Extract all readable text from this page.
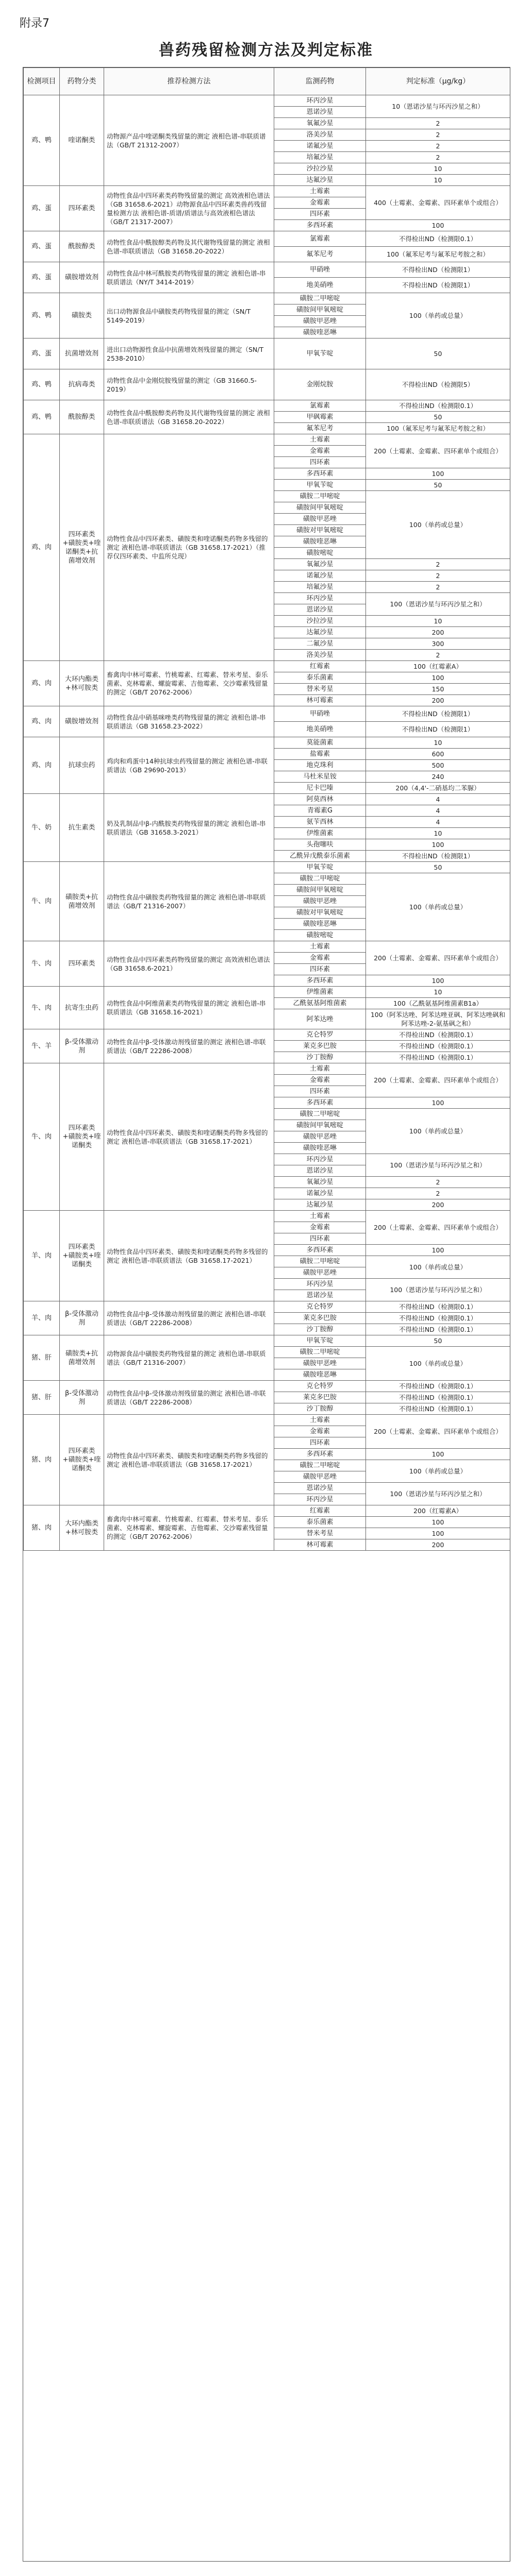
附录7
兽药残留检测方法及判定标准
检测项目	药物分类	推荐检测方法	监测药物	判定标准（μg/kg）
鸡、鸭	喹诺酮类	动物源产品中喹诺酮类残留量的测定 液相色谱-串联质谱法（GB/T 21312-2007）	环丙沙星	10（恩诺沙星与环丙沙星之和）
			恩诺沙星	
			氧氟沙星	2
			洛美沙星	2
			诺氟沙星	2
			培氟沙星	2
			沙拉沙星	10
			达氟沙星	10
鸡、蛋	四环素类	动物性食品中四环素类药物残留量的测定 高效液相色谱法（GB 31658.6-2021）动物源食品中四环素类兽药残留量检测方法 液相色谱-质谱/质谱法与高效液相色谱法（GB/T 21317-2007）	土霉素	400（土霉素、金霉素、四环素单个或组合）
			金霉素	
			四环素	
			多西环素	100
鸡、蛋	酰胺醇类	动物性食品中酰胺醇类药物及其代谢物残留量的测定 液相色谱-串联质谱法（GB 31658.20-2022）	氯霉素	不得检出ND（检测限0.1）
			氟苯尼考	100（氟苯尼考与氟苯尼考胺之和）
鸡、蛋	磺胺增效剂	动物性食品中林可酰胺类药物残留量的测定 液相色谱-串联质谱法（NY/T 3414-2019）	甲硝唑	不得检出ND（检测限1）
			地美硝唑	不得检出ND（检测限1）
鸡、鸭	磺胺类	出口动物源食品中磺胺类药物残留量的测定（SN/T 5149-2019）	磺胺二甲嘧啶	100（单药或总量）
			磺胺间甲氧嘧啶	
			磺胺甲恶唑	
			磺胺喹恶啉	
鸡、蛋	抗菌增效剂	进出口动物源性食品中抗菌增效剂残留量的测定（SN/T 2538-2010）	甲氧苄啶	50
鸡、鸭	抗病毒类	动物性食品中金刚烷胺残留量的测定（GB 31660.5-2019）	金刚烷胺	不得检出ND（检测限5）
鸡、鸭	酰胺醇类	动物性食品中酰胺醇类药物及其代谢物残留量的测定 液相色谱-串联质谱法（GB 31658.20-2022）	氯霉素	不得检出ND（检测限0.1）
			甲砜霉素	50
			氟苯尼考	100（氟苯尼考与氟苯尼考胺之和）
鸡、肉	四环素类+磺胺类+喹诺酮类+抗菌增效剂	动物性食品中四环素类、磺胺类和喹诺酮类药物多残留的测定 液相色谱-串联质谱法（GB 31658.17-2021）（推荐仅四环素类、中监所兑现）	土霉素	200（土霉素、金霉素、四环素单个或组合）
			金霉素	
			四环素	
			多西环素	100
			甲氧苄啶	50
			磺胺二甲嘧啶	100（单药或总量）
			磺胺间甲氧嘧啶	
			磺胺甲恶唑	
			磺胺对甲氧嘧啶	
			磺胺喹恶啉	
			磺胺嘧啶	
			氧氟沙星	2
			诺氟沙星	2
			培氟沙星	2
			环丙沙星	100（恩诺沙星与环丙沙星之和）
			恩诺沙星	
			沙拉沙星	10
			达氟沙星	200
			二氟沙星	300
			洛美沙星	2
鸡、肉	大环内酯类+林可胺类	畜禽肉中林可霉素、竹桃霉素、红霉素、替米考星、泰乐菌素、克林霉素、螺旋霉素、吉他霉素、交沙霉素残留量的测定（GB/T 20762-2006）	红霉素	100（红霉素A）
			泰乐菌素	100
			替米考星	150
			林可霉素	200
鸡、肉	磺胺增效剂	动物性食品中硝基咪唑类药物残留量的测定 液相色谱-串联质谱法（GB 31658.23-2022）	甲硝唑	不得检出ND（检测限1）
			地美硝唑	不得检出ND（检测限1）
鸡、肉	抗球虫药	鸡肉和鸡蛋中14种抗球虫药残留量的测定 液相色谱-串联质谱法（GB 29690-2013）	莫能菌素	10
			盐霉素	600
			地克珠利	500
			马杜米星铵	240
			尼卡巴嗪	200（4,4'-二硝基均二苯脲）
牛、奶	抗生素类	奶及乳制品中β-内酰胺类药物残留量的测定 液相色谱-串联质谱法（GB 31658.3-2021）	阿莫西林	4
			青霉素G	4
			氨苄西林	4
			伊维菌素	10
			头孢噻呋	100
			乙酰异戊酰泰乐菌素	不得检出ND（检测限1）
牛、肉	磺胺类+抗菌增效剂	动物性食品中磺胺类药物残留量的测定 液相色谱-串联质谱法（GB/T 21316-2007）	甲氧苄啶	50
			磺胺二甲嘧啶	100（单药或总量）
			磺胺间甲氧嘧啶	
			磺胺甲恶唑	
			磺胺对甲氧嘧啶	
			磺胺喹恶啉	
			磺胺嘧啶	
牛、肉	四环素类	动物性食品中四环素类药物残留量的测定 高效液相色谱法（GB 31658.6-2021）	土霉素	200（土霉素、金霉素、四环素单个或组合）
			金霉素	
			四环素	
			多西环素	100
牛、肉	抗寄生虫药	动物性食品中阿维菌素类药物残留量的测定 液相色谱-串联质谱法（GB 31658.16-2021）	伊维菌素	10
			乙酰氨基阿维菌素	100（乙酰氨基阿维菌素B1a）
			阿苯达唑	100（阿苯达唑、阿苯达唑亚砜、阿苯达唑砜和阿苯达唑-2-氨基砜之和）
牛、羊	β-受体激动剂	动物性食品中β-受体激动剂残留量的测定 液相色谱-串联质谱法（GB/T 22286-2008）	克仑特罗	不得检出ND（检测限0.1）
			莱克多巴胺	不得检出ND（检测限0.1）
			沙丁胺醇	不得检出ND（检测限0.1）
牛、肉	四环素类+磺胺类+喹诺酮类	动物性食品中四环素类、磺胺类和喹诺酮类药物多残留的测定 液相色谱-串联质谱法（GB 31658.17-2021）	土霉素	200（土霉素、金霉素、四环素单个或组合）
			金霉素	
			四环素	
			多西环素	100
			磺胺二甲嘧啶	100（单药或总量）
			磺胺间甲氧嘧啶	
			磺胺甲恶唑	
			磺胺喹恶啉	
			环丙沙星	100（恩诺沙星与环丙沙星之和）
			恩诺沙星	
			氧氟沙星	2
			诺氟沙星	2
			达氟沙星	200
羊、肉	四环素类+磺胺类+喹诺酮类	动物性食品中四环素类、磺胺类和喹诺酮类药物多残留的测定 液相色谱-串联质谱法（GB 31658.17-2021）	土霉素	200（土霉素、金霉素、四环素单个或组合）
			金霉素	
			四环素	
			多西环素	100
			磺胺二甲嘧啶	100（单药或总量）
			磺胺甲恶唑	
			环丙沙星	100（恩诺沙星与环丙沙星之和）
			恩诺沙星	
羊、肉	β-受体激动剂	动物性食品中β-受体激动剂残留量的测定 液相色谱-串联质谱法（GB/T 22286-2008）	克仑特罗	不得检出ND（检测限0.1）
			莱克多巴胺	不得检出ND（检测限0.1）
			沙丁胺醇	不得检出ND（检测限0.1）
猪、肝	磺胺类+抗菌增效剂	动物源食品中磺胺类药物残留量的测定 液相色谱-串联质谱法（GB/T 21316-2007）	甲氧苄啶	50
			磺胺二甲嘧啶	100（单药或总量）
			磺胺甲恶唑	
			磺胺喹恶啉	
猪、肝	β-受体激动剂	动物性食品中β-受体激动剂残留量的测定 液相色谱-串联质谱法（GB/T 22286-2008）	克仑特罗	不得检出ND（检测限0.1）
			莱克多巴胺	不得检出ND（检测限0.1）
			沙丁胺醇	不得检出ND（检测限0.1）
猪、肉	四环素类+磺胺类+喹诺酮类	动物性食品中四环素类、磺胺类和喹诺酮类药物多残留的测定 液相色谱-串联质谱法（GB 31658.17-2021）	土霉素	200（土霉素、金霉素、四环素单个或组合）
			金霉素	
			四环素	
			多西环素	100
			磺胺二甲嘧啶	100（单药或总量）
			磺胺甲恶唑	
			恩诺沙星	100（恩诺沙星与环丙沙星之和）
			环丙沙星	
猪、肉	大环内酯类+林可胺类	畜禽肉中林可霉素、竹桃霉素、红霉素、替米考星、泰乐菌素、克林霉素、螺旋霉素、吉他霉素、交沙霉素残留量的测定（GB/T 20762-2006）	红霉素	200（红霉素A）
			泰乐菌素	100
			替米考星	100
			林可霉素	200
